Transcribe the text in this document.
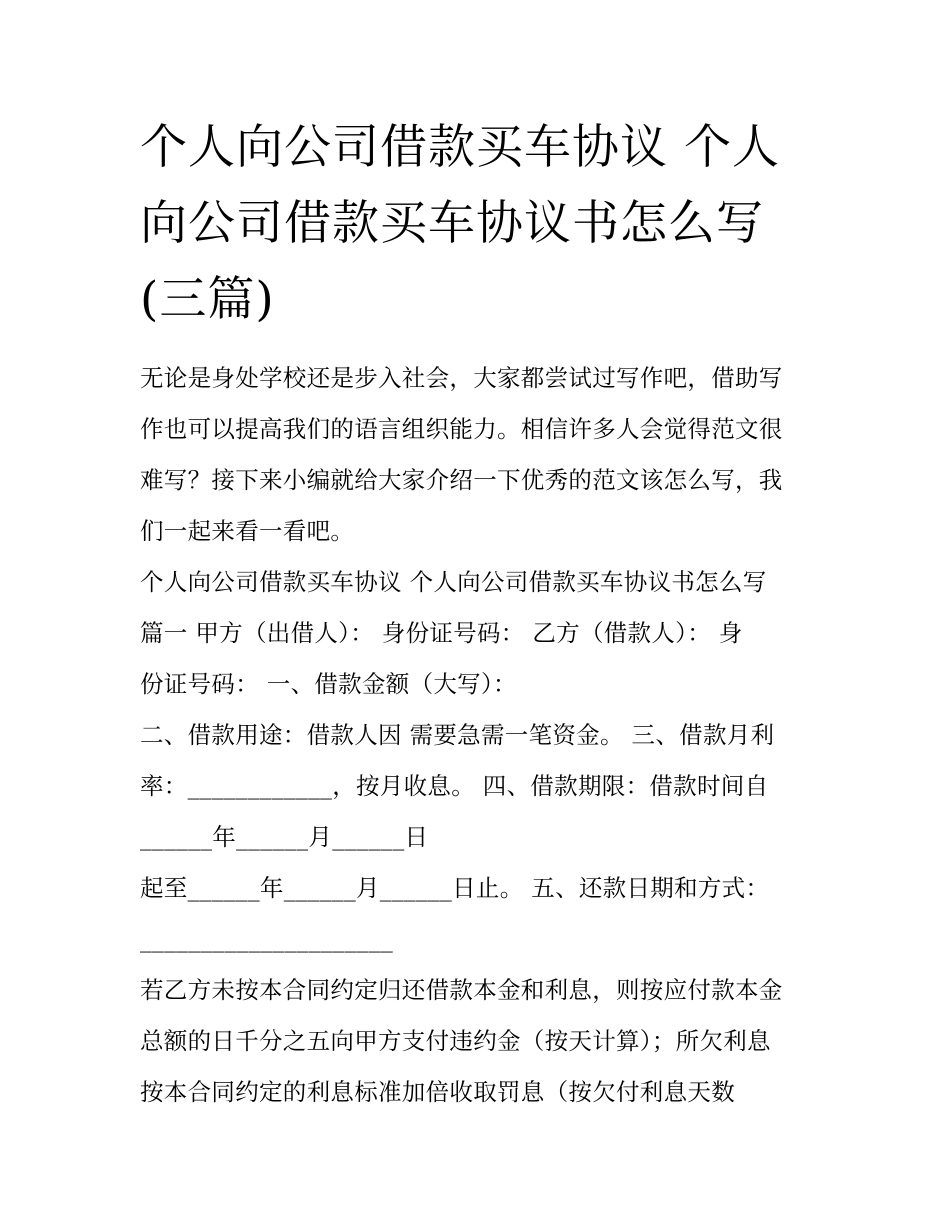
个人向公司借款买车协议 个人
向公司借款买车协议书怎么写
(三篇)
无论是身处学校还是步入社会，大家都尝试过写作吧，借助写
作也可以提高我们的语言组织能力。相信许多人会觉得范文很
难写？接下来小编就给大家介绍一下优秀的范文该怎么写，我
们一起来看一看吧。
个人向公司借款买车协议 个人向公司借款买车协议书怎么写
篇一 甲方（出借人）： 身份证号码： 乙方（借款人）： 身
份证号码： 一、借款金额（大写）：
二、借款用途：借款人因 需要急需一笔资金。 三、借款月利
率：____________，按月收息。 四、借款期限：借款时间自
______年______月______日
起至______年______月______日止。 五、还款日期和方式：
_____________________
若乙方未按本合同约定归还借款本金和利息，则按应付款本金
总额的日千分之五向甲方支付违约金（按天计算）；所欠利息
按本合同约定的利息标准加倍收取罚息（按欠付利息天数
